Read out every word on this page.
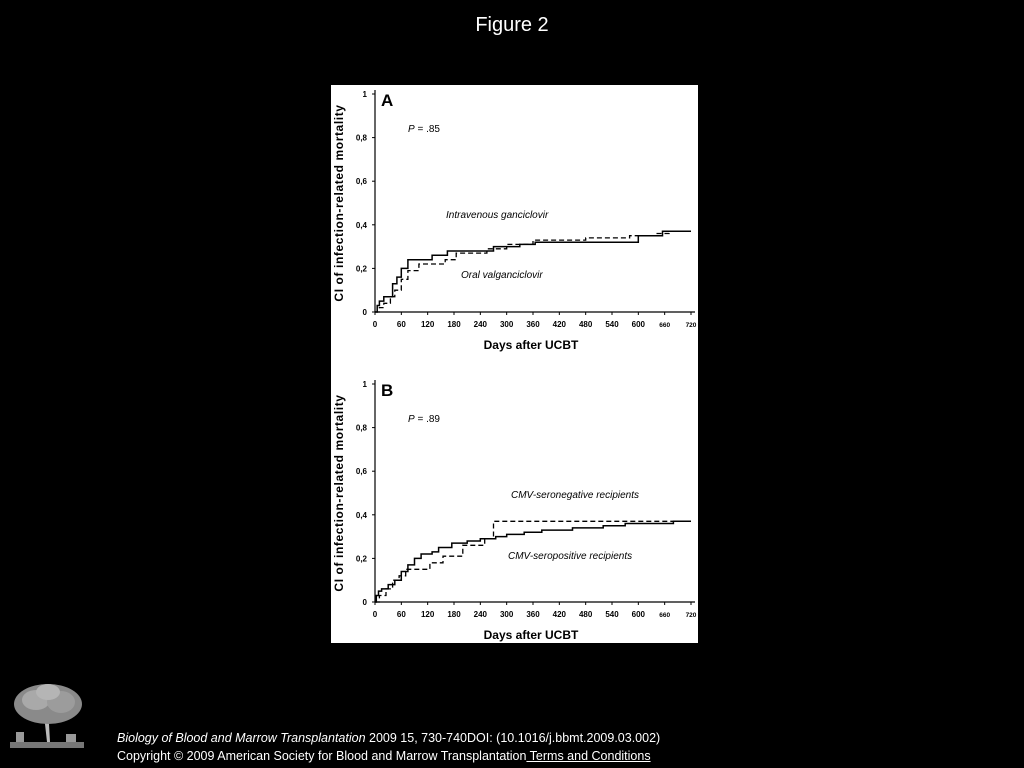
Figure 2
0
0,2
0,4
0,6
0,8
1
0 60 120 180 240 300 360 420 480 540 600 660 720
Days after UCBT
CI of infection-related mortality
A
P = .85
Intravenous ganciclovir
Oral valganciclovir
0
0,2
0,4
0,6
0,8
1
0 60 120 180 240 300 360 420 480 540 600 660 720
Days after UCBT
CI of infection-related mortality
B
P = .89
CMV-seronegative recipients
CMV-seropositive recipients
ELSEVIER
Biology of Blood and Marrow Transplantation 2009 15, 730-740DOI: (10.1016/j.bbmt.2009.03.002)
Copyright © 2009 American Society for Blood and Marrow Transplantation Terms and Conditions
